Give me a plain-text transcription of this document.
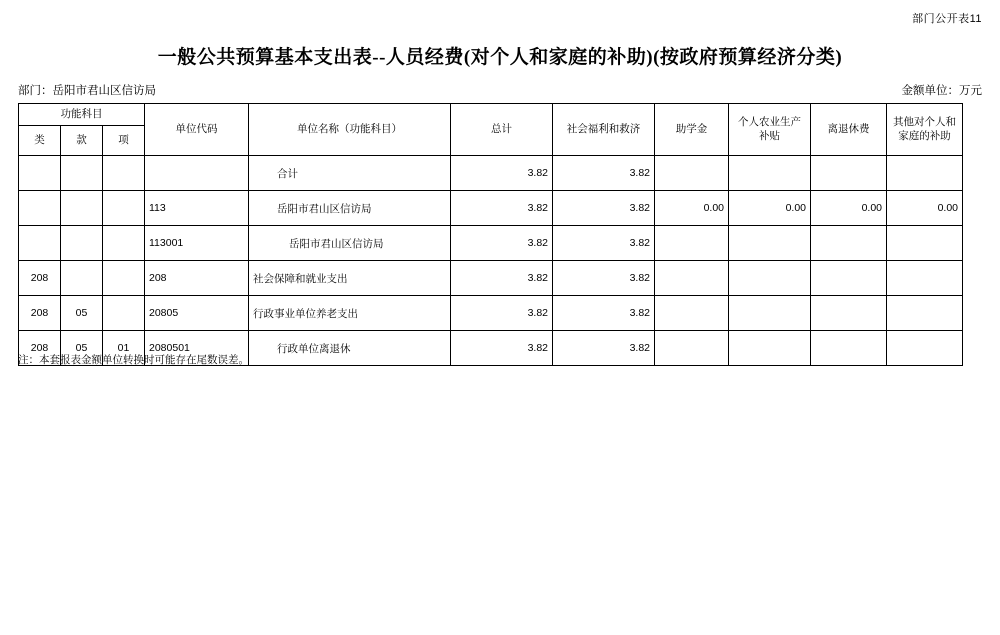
部门公开表11
一般公共预算基本支出表--人员经费(对个人和家庭的补助)(按政府预算经济分类)
部门：岳阳市君山区信访局	金额单位：万元
功能科目			单位代码	单位名称（功能科目）	总计	社会福利和救济	助学金	个人农业生产补贴	离退休费	其他对个人和家庭的补助
类	款	项								
				合计	3.82	3.82				
			113	岳阳市君山区信访局	3.82	3.82	0.00	0.00	0.00	0.00
			113001	岳阳市君山区信访局	3.82	3.82				
208			208	社会保障和就业支出	3.82	3.82				
208	05		20805	行政事业单位养老支出	3.82	3.82				
208	05	01	2080501	行政单位离退休	3.82	3.82				
注：本套报表金额单位转换时可能存在尾数误差。
